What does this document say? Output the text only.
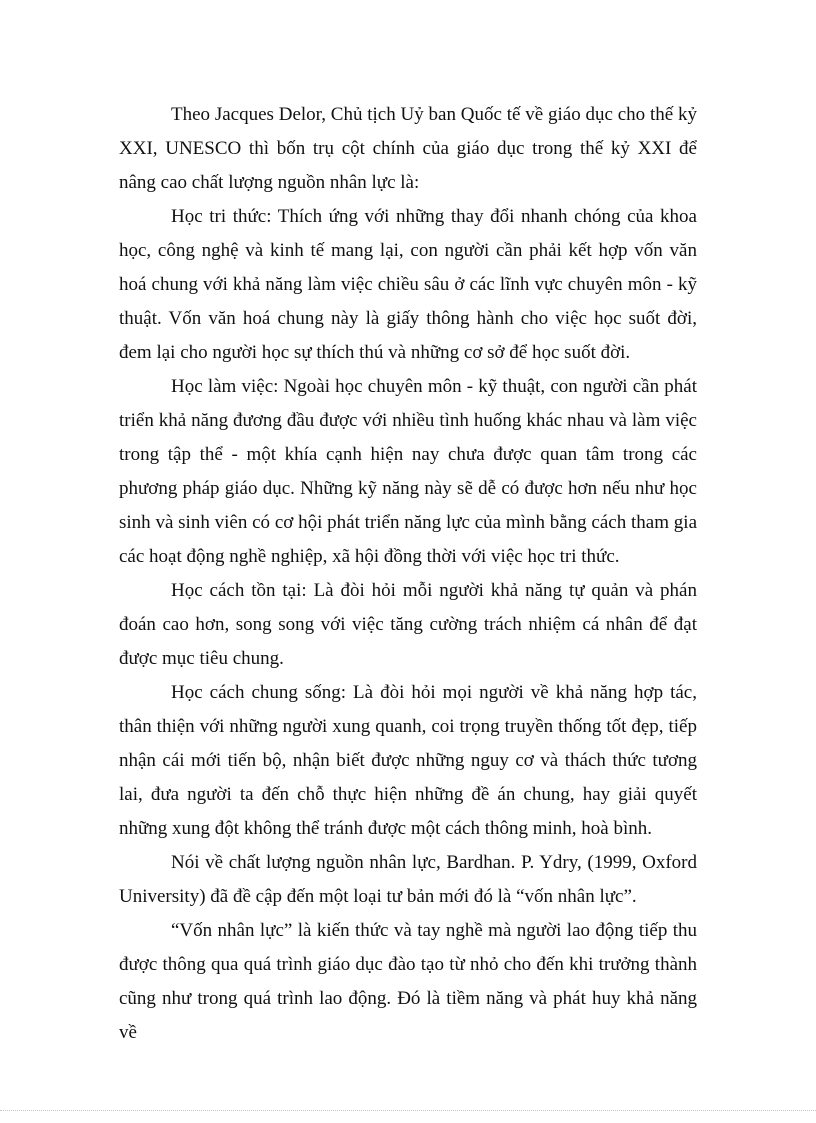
Theo Jacques Delor, Chủ tịch Uỷ ban Quốc tế về giáo dục cho thế kỷ XXI, UNESCO thì bốn trụ cột chính của giáo dục trong thế kỷ XXI để nâng cao chất lượng nguồn nhân lực là:

Học tri thức: Thích ứng với những thay đổi nhanh chóng của khoa học, công nghệ và kinh tế mang lại, con người cần phải kết hợp vốn văn hoá chung với khả năng làm việc chiều sâu ở các lĩnh vực chuyên môn - kỹ thuật. Vốn văn hoá chung này là giấy thông hành cho việc học suốt đời, đem lại cho người học sự thích thú và những cơ sở để học suốt đời.

Học làm việc: Ngoài học chuyên môn - kỹ thuật, con người cần phát triển khả năng đương đầu được với nhiều tình huống khác nhau và làm việc trong tập thể - một khía cạnh hiện nay chưa được quan tâm trong các phương pháp giáo dục. Những kỹ năng này sẽ dễ có được hơn nếu như học sinh và sinh viên có cơ hội phát triển năng lực của mình bằng cách tham gia các hoạt động nghề nghiệp, xã hội đồng thời với việc học tri thức.

Học cách tồn tại: Là đòi hỏi mỗi người khả năng tự quản và phán đoán cao hơn, song song với việc tăng cường trách nhiệm cá nhân để đạt được mục tiêu chung.

Học cách chung sống: Là đòi hỏi mọi người về khả năng hợp tác, thân thiện với những người xung quanh, coi trọng truyền thống tốt đẹp, tiếp nhận cái mới tiến bộ, nhận biết được những nguy cơ và thách thức tương lai, đưa người ta đến chỗ thực hiện những đề án chung, hay giải quyết những xung đột không thể tránh được một cách thông minh, hoà bình.

Nói về chất lượng nguồn nhân lực, Bardhan. P. Ydry, (1999, Oxford University) đã đề cập đến một loại tư bản mới đó là “vốn nhân lực”.

“Vốn nhân lực” là kiến thức và tay nghề mà người lao động tiếp thu được thông qua quá trình giáo dục đào tạo từ nhỏ cho đến khi trưởng thành cũng như trong quá trình lao động. Đó là tiềm năng và phát huy khả năng về
